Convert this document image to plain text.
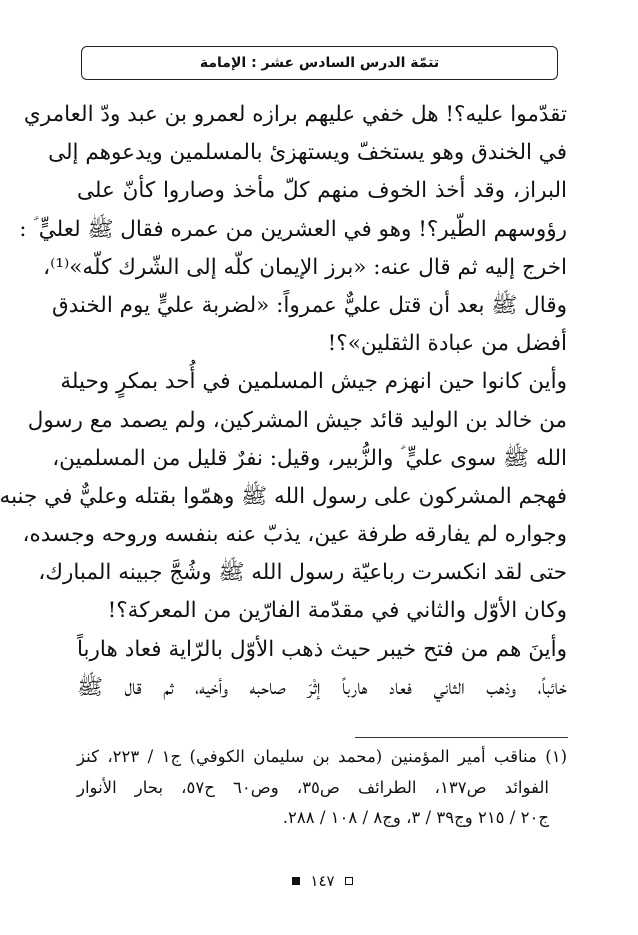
تتمّة الدرس السادس عشر : الإمامة
تقدّموا عليه؟! هل خفي عليهم برازه لعمرو بن عبد ودّ العامري
في الخندق وهو يستخفّ ويستهزئ بالمسلمين ويدعوهم إلى
البراز، وقد أخذ الخوف منهم كلّ مأخذ وصاروا كأنّ على
رؤوسهم الطّير؟! وهو في العشرين من عمره فقال ﷺ لعليٍّ ؑ :
اخرج إليه ثم قال عنه: «برز الإيمان كلّه إلى الشّرك كلّه»⁽¹⁾،
وقال ﷺ بعد أن قتل عليٌّ عمرواً: «لضربة عليٍّ يوم الخندق
أفضل من عبادة الثقلين»؟!
وأين كانوا حين انهزم جيش المسلمين في أُحد بمكرٍ وحيلة
من خالد بن الوليد قائد جيش المشركين، ولم يصمد مع رسول
الله ﷺ سوى عليٍّ ؑ والزُّبير، وقيل: نفرٌ قليل من المسلمين،
فهجم المشركون على رسول الله ﷺ وهمّوا بقتله وعليٌّ في جنبه
وجواره لم يفارقه طرفة عين، يذبّ عنه بنفسه وروحه وجسده،
حتى لقد انكسرت رباعيّة رسول الله ﷺ وشُجَّ جبينه المبارك،
وكان الأوّل والثاني في مقدّمة الفارّين من المعركة؟!
وأينَ هم من فتح خيبر حيث ذهب الأوّل بالرّاية فعاد هارباً
خائباً، وذهب الثاني فعاد هارباً إثْرَ صاحبه وأخيه، ثم قال ﷺ
(١) مناقب أمير المؤمنين (محمد بن سليمان الكوفي) ج١ / ٢٢٣، كنز
الفوائد ص١٣٧، الطرائف ص٣٥، وص٦٠ ح٥٧، بحار الأنوار
ج٢٠ / ٢١٥ وج٣٩ / ٣، وج٨ / ١٠٨ / ٢٨٨.
١٤٧
